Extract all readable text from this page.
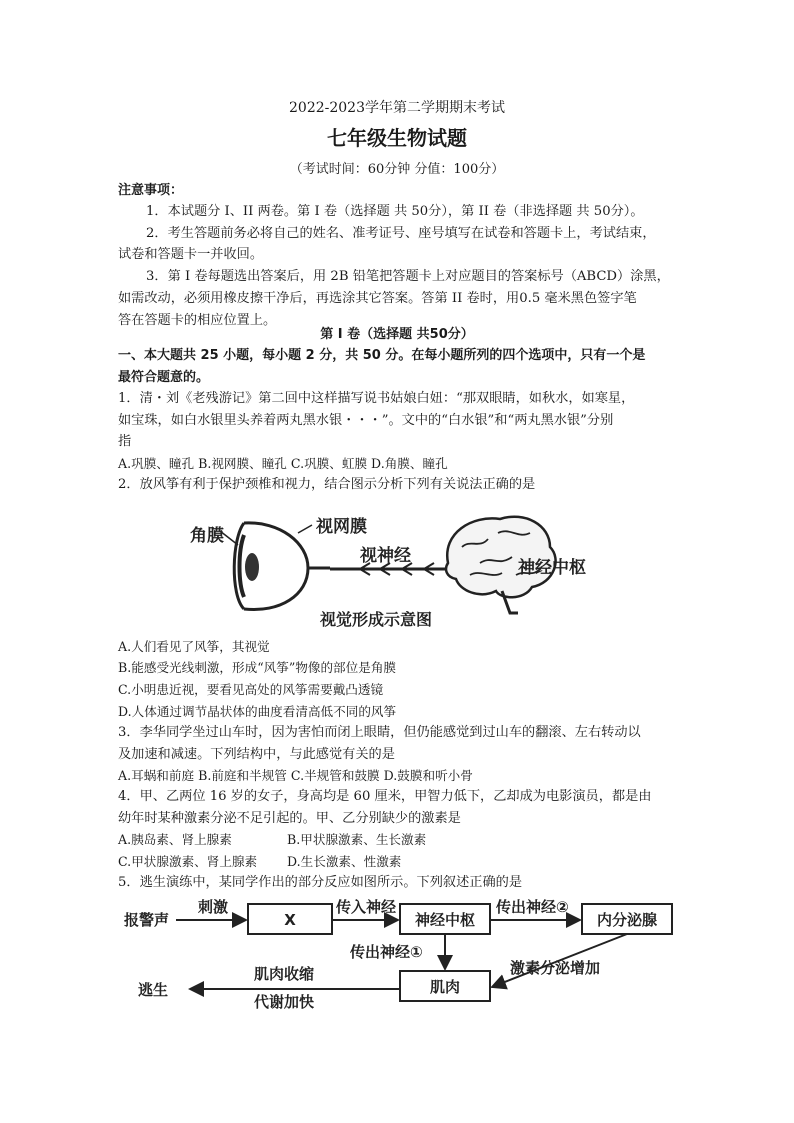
2022-2023学年第二学期期末考试
七年级生物试题
（考试时间：60分钟 分值：100分）
注意事项：
1．本试题分 I、II 两卷。第 I 卷（选择题 共 50分），第 II 卷（非选择题 共 50分）。
2．考生答题前务必将自己的姓名、准考证号、座号填写在试卷和答题卡上，考试结束，
试卷和答题卡一并收回。
3．第 I 卷每题选出答案后，用 2B 铅笔把答题卡上对应题目的答案标号（ABCD）涂黑，
如需改动，必须用橡皮擦干净后，再选涂其它答案。答第 II 卷时，用0.5 毫米黑色签字笔
答在答题卡的相应位置上。
第 I 卷（选择题 共50分）
一、本大题共 25 小题，每小题 2 分，共 50 分。在每小题所列的四个选项中，只有一个是
最符合题意的。
1．清・刘《老残游记》第二回中这样描写说书姑娘白妞：“那双眼睛，如秋水，如寒星，
如宝珠，如白水银里头养着两丸黑水银・・・”。文中的“白水银”和“两丸黑水银”分别
指
A.巩膜、瞳孔 B.视网膜、瞳孔 C.巩膜、虹膜 D.角膜、瞳孔
2．放风筝有利于保护颈椎和视力，结合图示分析下列有关说法正确的是
角膜	视网膜
视神经
神经中枢
视觉形成示意图
A.人们看见了风筝，其视觉
B.能感受光线刺激，形成“风筝”物像的部位是角膜
C.小明患近视，要看见高处的风筝需要戴凸透镜
D.人体通过调节晶状体的曲度看清高低不同的风筝
3．李华同学坐过山车时，因为害怕而闭上眼睛，但仍能感觉到过山车的翻滚、左右转动以
及加速和减速。下列结构中，与此感觉有关的是
A.耳蜗和前庭 B.前庭和半规管 C.半规管和鼓膜 D.鼓膜和听小骨
4．甲、乙两位 16 岁的女子，身高均是 60 厘米，甲智力低下，乙却成为电影演员，都是由
幼年时某种激素分泌不足引起的。甲、乙分别缺少的激素是
A.胰岛素、肾上腺素	B.甲状腺激素、生长激素
C.甲状腺激素、肾上腺素	D.生长激素、性激素
5．逃生演练中，某同学作出的部分反应如图所示。下列叙述正确的是
报警声
刺激
X
传入神经
神经中枢
传出神经②
内分泌腺
传出神经①
激素分泌增加
肌肉
肌肉收缩
代谢加快
逃生
